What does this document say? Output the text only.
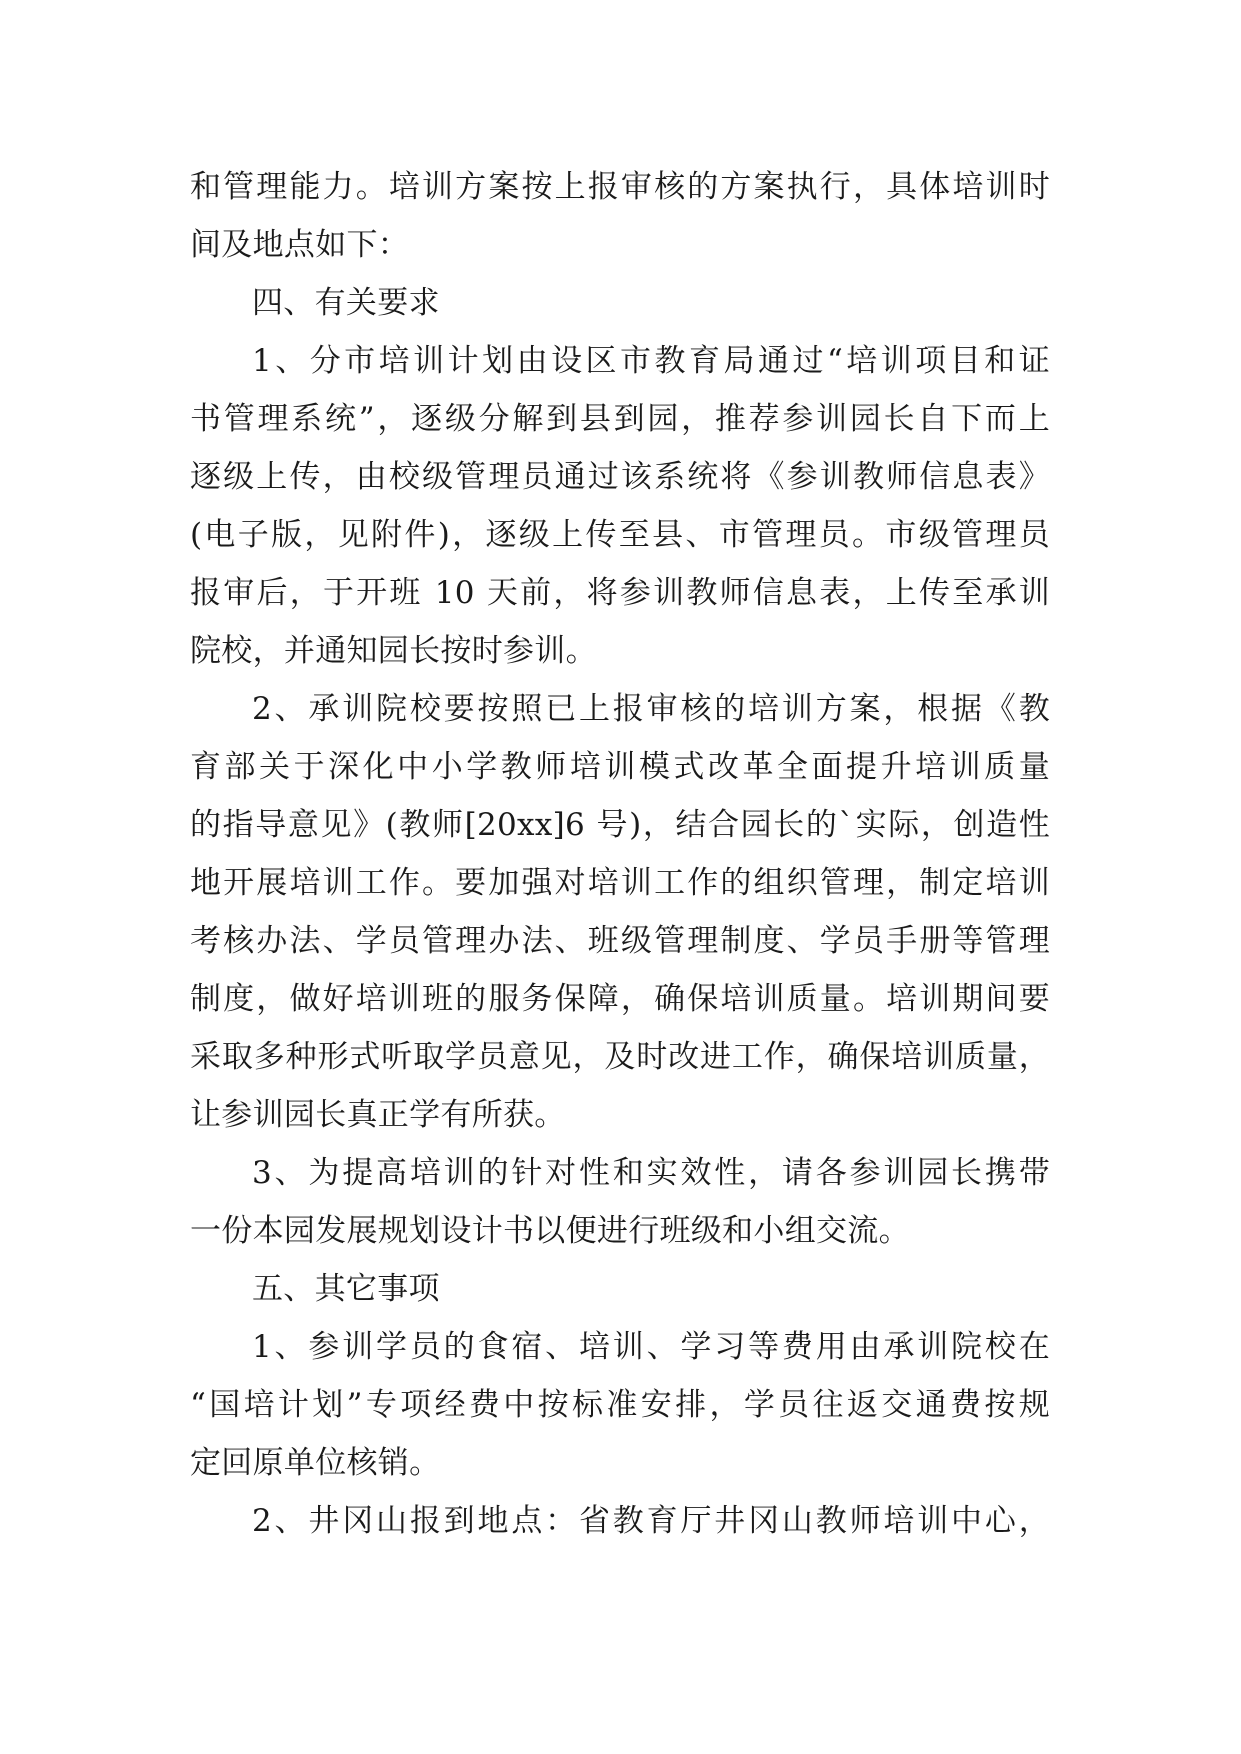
和管理能力。培训方案按上报审核的方案执行，具体培训时
间及地点如下：
四、有关要求
1、分市培训计划由设区市教育局通过“培训项目和证
书管理系统”，逐级分解到县到园，推荐参训园长自下而上
逐级上传，由校级管理员通过该系统将《参训教师信息表》
(电子版，见附件)，逐级上传至县、市管理员。市级管理员
报审后，于开班 10 天前，将参训教师信息表，上传至承训
院校，并通知园长按时参训。
2、承训院校要按照已上报审核的培训方案，根据《教
育部关于深化中小学教师培训模式改革全面提升培训质量
的指导意见》(教师[20xx]6 号)，结合园长的`实际，创造性
地开展培训工作。要加强对培训工作的组织管理，制定培训
考核办法、学员管理办法、班级管理制度、学员手册等管理
制度，做好培训班的服务保障，确保培训质量。培训期间要
采取多种形式听取学员意见，及时改进工作，确保培训质量，
让参训园长真正学有所获。
3、为提高培训的针对性和实效性，请各参训园长携带
一份本园发展规划设计书以便进行班级和小组交流。
五、其它事项
1、参训学员的食宿、培训、学习等费用由承训院校在
“国培计划”专项经费中按标准安排，学员往返交通费按规
定回原单位核销。
2、井冈山报到地点：省教育厅井冈山教师培训中心，
